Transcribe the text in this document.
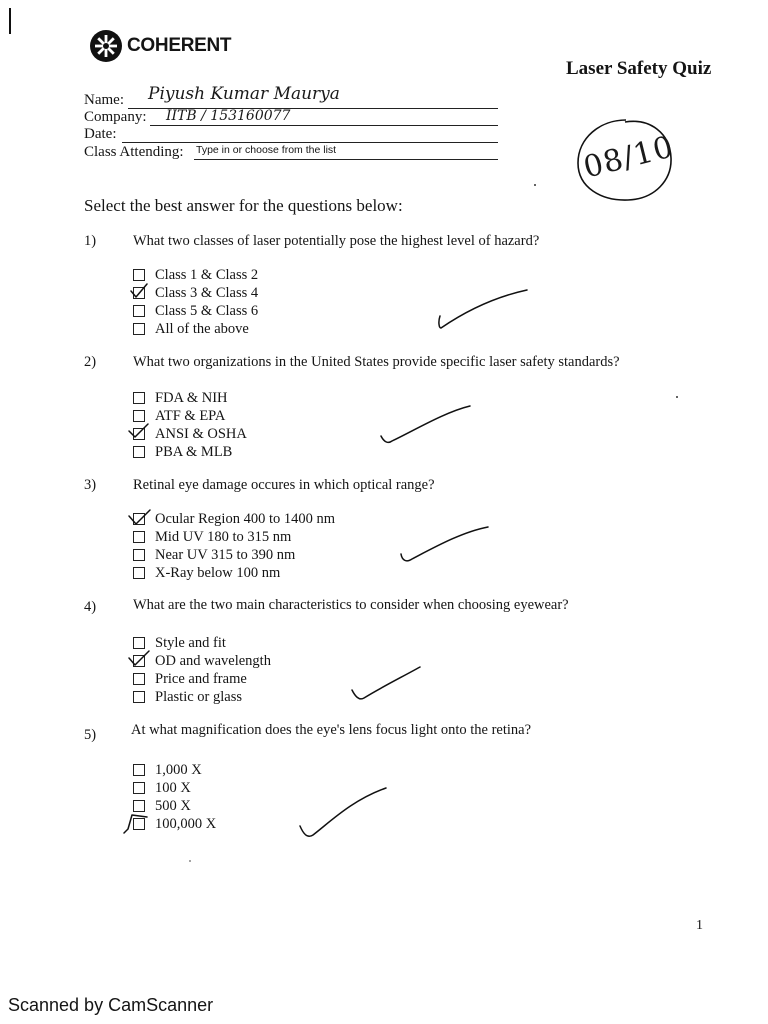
COHERENT
Laser Safety Quiz
Name: Piyush Kumar Maurya
Company: IITB / 153160077
Date:
Class Attending: Type in or choose from the list	08/10
Select the best answer for the questions below:
1)	What two classes of laser potentially pose the highest level of hazard?
Class 1 & Class 2
Class 3 & Class 4
Class 5 & Class 6
All of the above
2)	What two organizations in the United States provide specific laser safety standards?
FDA & NIH
ATF & EPA
ANSI & OSHA
PBA & MLB
3)	Retinal eye damage occures in which optical range?
Ocular Region 400 to 1400 nm
Mid UV 180 to 315 nm
Near UV 315 to 390 nm
X-Ray below 100 nm
4)	What are the two main characteristics to consider when choosing eyewear?
Style and fit
OD and wavelength
Price and frame
Plastic or glass
5) At what magnification does the eye's lens focus light onto the retina?
1,000 X
100 X
500 X
100,000 X
1
Scanned by CamScanner
